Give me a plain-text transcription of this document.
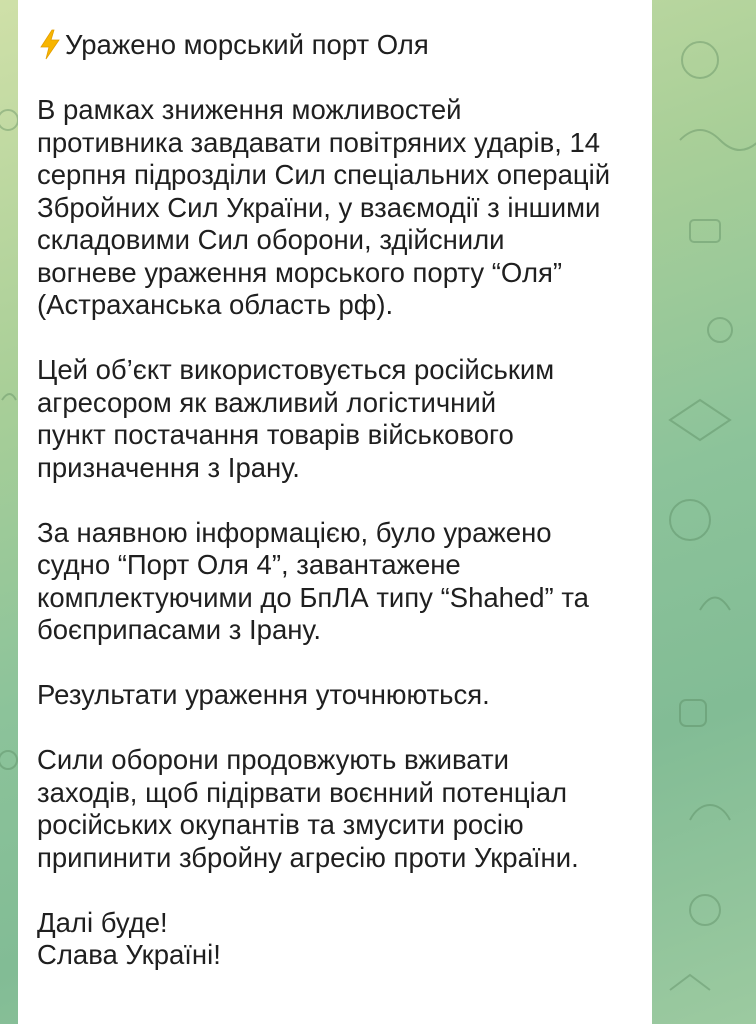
Уражено морський порт Оля
В рамках зниження можливостей
противника завдавати повітряних ударів, 14
серпня підрозділи Сил спеціальних операцій
Збройних Сил України, у взаємодії з іншими
складовими Сил оборони, здійснили
вогневе ураження морського порту “Оля”
(Астраханська область рф).
Цей об’єкт використовується російським
агресором як важливий логістичний
пункт постачання товарів військового
призначення з Ірану.
За наявною інформацією, було уражено
судно “Порт Оля 4”, завантажене
комплектуючими до БпЛА типу “Shahed” та
боєприпасами з Ірану.
Результати ураження уточнюються.
Сили оборони продовжують вживати
заходів, щоб підірвати воєнний потенціал
російських окупантів та змусити росію
припинити збройну агресію проти України.
Далі буде!
Слава Україні!
